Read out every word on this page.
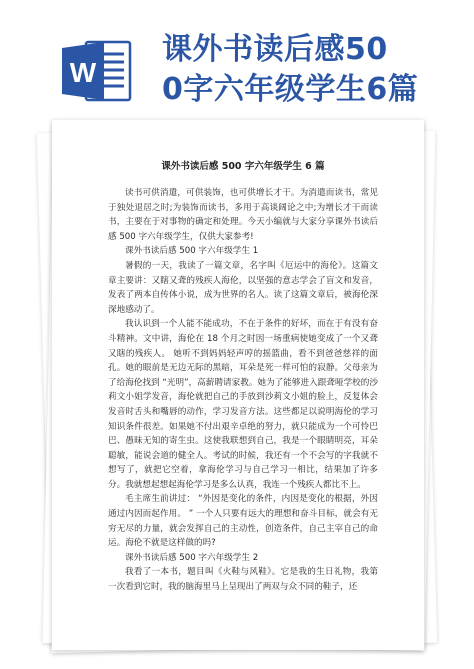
W
课外书读后感50
0字六年级学生6篇
课外书读后感 500 字六年级学生 6 篇

读书可供消遣，可供装饰，也可供增长才干。为消遣而读书，常见于独处退居之时;为装饰而读书，多用于高谈阔论之中;为增长才干而读书，主要在于对事物的确定和处理。今天小编就与大家分享课外书读后感 500 字六年级学生，仅供大家参考!

课外书读后感 500 字六年级学生 1

暑假的一天，我读了一篇文章，名字叫《厄运中的海伦》。这篇文章主要讲：又瞎又聋的残疾人海伦，以坚强的意志学会了盲文和发音，发表了两本自传体小说，成为世界的名人。读了这篇文章后，被海伦深深地感动了。

我认识到一个人能不能成功，不在于条件的好坏，而在于有没有奋斗精神。文中讲，海伦在 18 个月之时因一场重病使她变成了一个又聋又瞎的残疾人。 她听不到妈妈轻声哼的摇篮曲，看不到爸爸慈祥的面孔。她的眼前是无边无际的黑暗，耳朵是死一样可怕的寂静。父母亲为了给海伦找到 “光明”，高薪聘请家教。她为了能够进入跟聋哑学校的沙莉文小姐学发音，海伦就把自己的手放到沙莉文小姐的脸上，反复体会发音时舌头和嘴唇的动作，学习发音方法。这些都足以说明海伦的学习知识条件很差。如果她不付出艰辛卓绝的努力，就只能成为一个可怜巴巴、愚昧无知的寄生虫。这使我联想到自己，我是一个眼睛明亮，耳朵聪敏，能说会道的健全人。考试的时候，我还有一个不会写的字我就不想写了，就把它空着，拿海伦学习与自己学习一相比，结果加了许多分。我就想起想起海伦学习是多么认真，我连一个残疾人都比不上。

毛主席生前讲过： “外因是变化的条件，内因是变化的根据，外因通过内因而起作用。 ” 一个人只要有远大的理想和奋斗目标，就会有无穷无尽的力量，就会发挥自己的主动性，创造条件，自己主宰自己的命运。海伦不就是这样做的吗?

课外书读后感 500 字六年级学生 2

我看了一本书，题目叫《火鞋与风鞋》。它是我的生日礼物，我第一次看到它时，我的脑海里马上呈现出了两双与众不同的鞋子，还
